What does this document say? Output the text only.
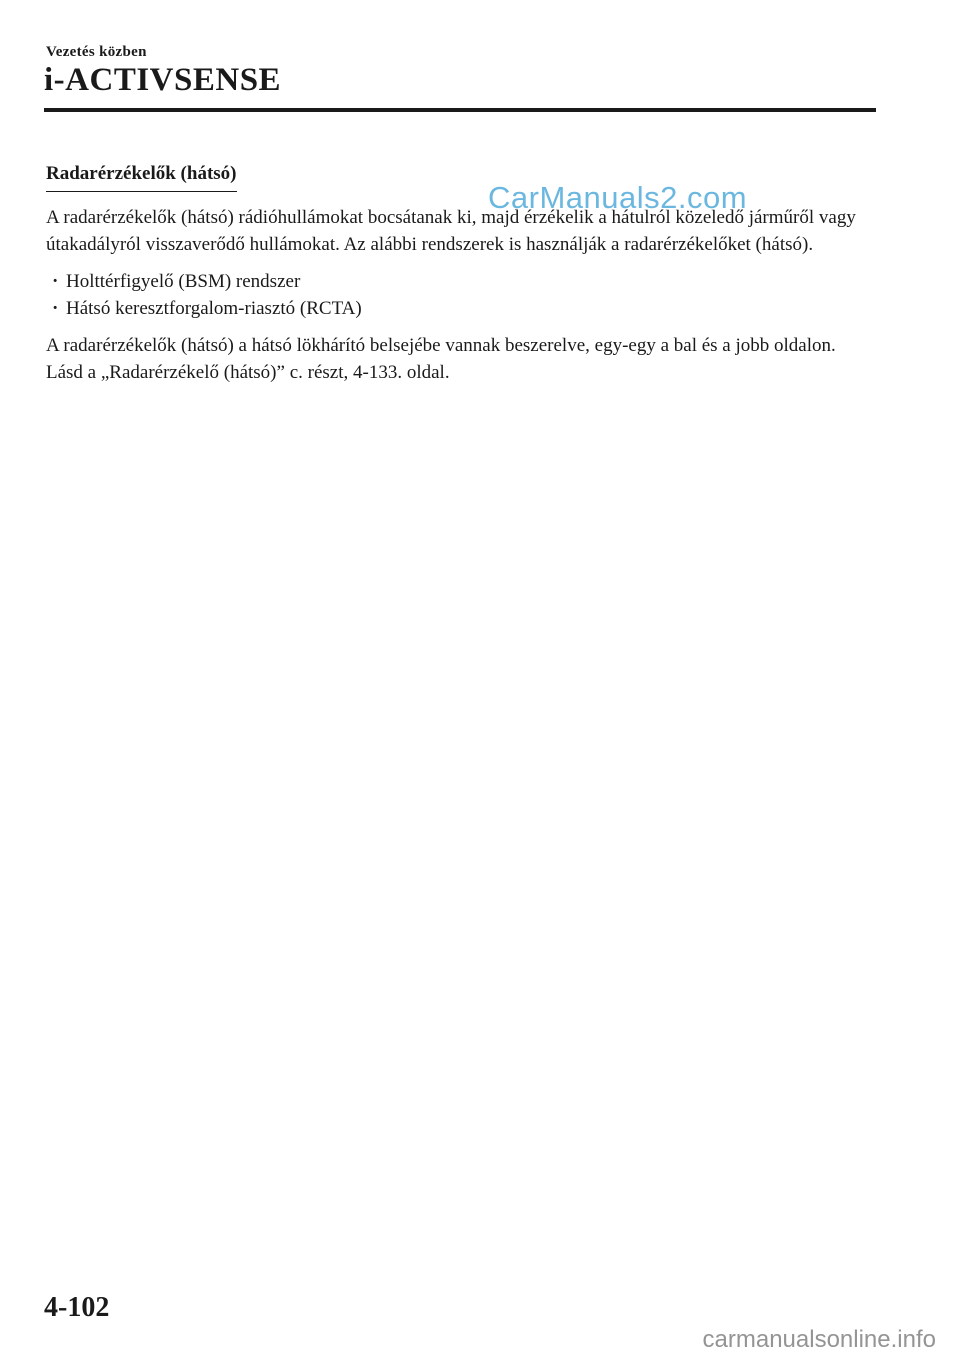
Vezetés közben
i-ACTIVSENSE
Radarérzékelők (hátsó)

A radarérzékelők (hátsó) rádióhullámokat bocsátanak ki, majd érzékelik a hátulról közeledő járműről vagy útakadályról visszaverődő hullámokat. Az alábbi rendszerek is használják a radarérzékelőket (hátsó).

· Holttérfigyelő (BSM) rendszer
· Hátsó keresztforgalom-riasztó (RCTA)

A radarérzékelők (hátsó) a hátsó lökhárító belsejébe vannak beszerelve, egy-egy a bal és a jobb oldalon.
Lásd a „Radarérzékelő (hátsó)” c. részt, 4-133. oldal.

CarManuals2.com
4-102
carmanualsonline.info
